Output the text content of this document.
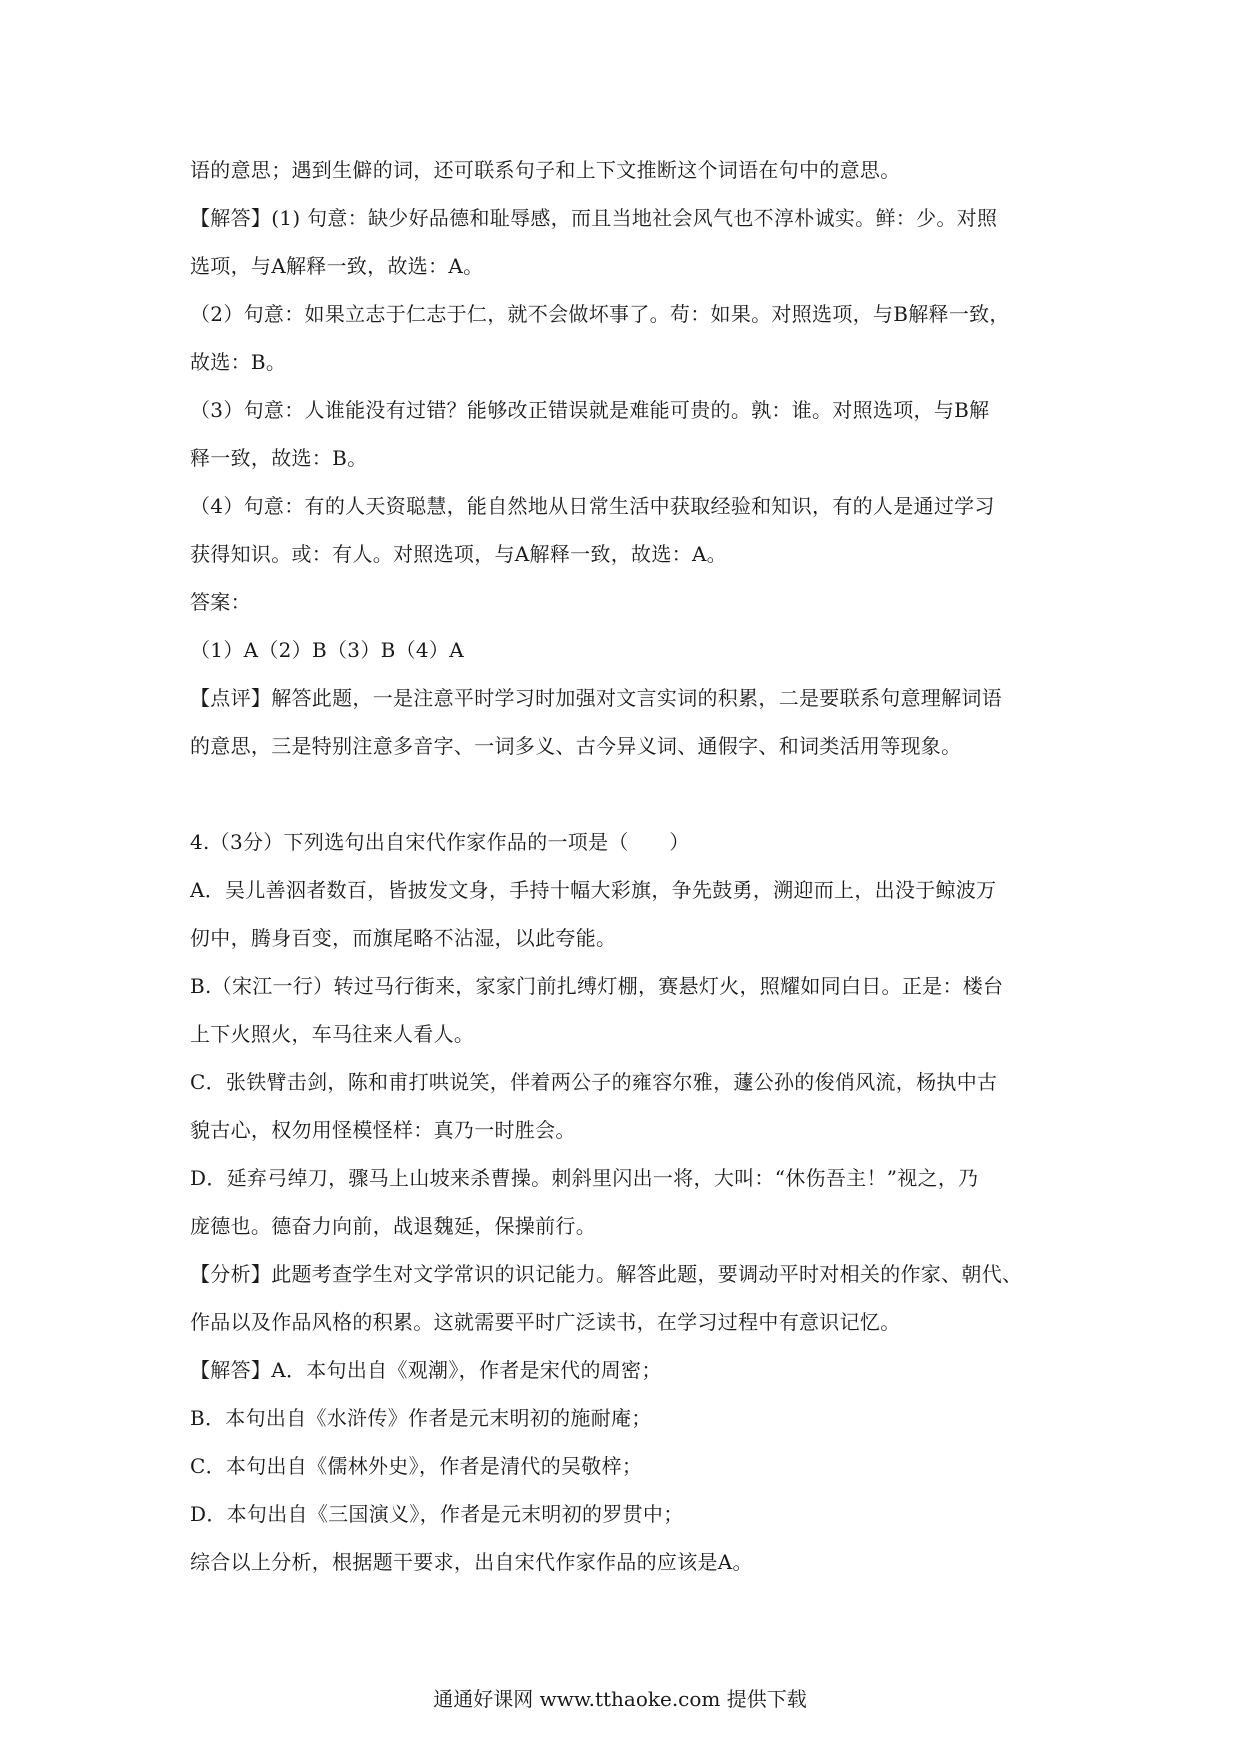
语的意思；遇到生僻的词，还可联系句子和上下文推断这个词语在句中的意思。

【解答】(1) 句意：缺少好品德和耻辱感，而且当地社会风气也不淳朴诚实。鲜：少。对照

选项，与A解释一致，故选：A。

（2）句意：如果立志于仁志于仁，就不会做坏事了。苟：如果。对照选项，与B解释一致，

故选：B。

（3）句意：人谁能没有过错？能够改正错误就是难能可贵的。孰：谁。对照选项，与B解

释一致，故选：B。

（4）句意：有的人天资聪慧，能自然地从日常生活中获取经验和知识，有的人是通过学习

获得知识。或：有人。对照选项，与A解释一致，故选：A。

答案：

（1）A（2）B（3）B（4）A

【点评】解答此题，一是注意平时学习时加强对文言实词的积累，二是要联系句意理解词语

的意思，三是特别注意多音字、一词多义、古今异义词、通假字、和词类活用等现象。

4.（3分）下列选句出自宋代作家作品的一项是（　　）

A．吴儿善泅者数百，皆披发文身，手持十幅大彩旗，争先鼓勇，溯迎而上，出没于鲸波万

仞中，腾身百变，而旗尾略不沾湿，以此夸能。

B.（宋江一行）转过马行街来，家家门前扎缚灯棚，赛悬灯火，照耀如同白日。正是：楼台

上下火照火，车马往来人看人。

C．张铁臂击剑，陈和甫打哄说笑，伴着两公子的雍容尔雅，蘧公孙的俊俏风流，杨执中古

貌古心，权勿用怪模怪样：真乃一时胜会。

D．延弃弓绰刀，骤马上山坡来杀曹操。刺斜里闪出一将，大叫：“休伤吾主！”视之，乃

庞德也。德奋力向前，战退魏延，保操前行。

【分析】此题考查学生对文学常识的识记能力。解答此题，要调动平时对相关的作家、朝代、

作品以及作品风格的积累。这就需要平时广泛读书，在学习过程中有意识记忆。

【解答】A．本句出自《观潮》，作者是宋代的周密；

B．本句出自《水浒传》作者是元末明初的施耐庵；

C．本句出自《儒林外史》，作者是清代的吴敬梓；

D．本句出自《三国演义》，作者是元末明初的罗贯中；

综合以上分析，根据题干要求，出自宋代作家作品的应该是A。

通通好课网 www.tthaoke.com 提供下载
